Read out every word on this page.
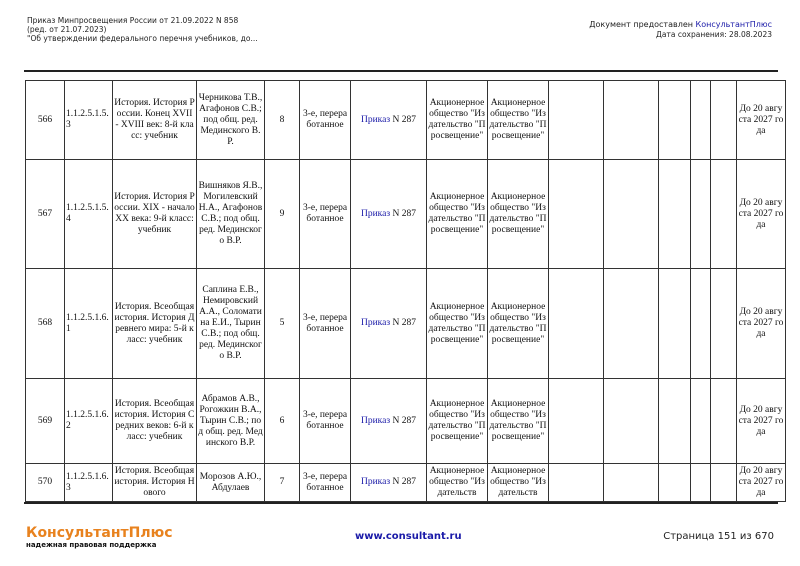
Приказ Минпросвещения России от 21.09.2022 N 858
(ред. от 21.07.2023)
"Об утверждении федерального перечня учебников, до...
Документ предоставлен КонсультантПлюс
Дата сохранения: 28.08.2023
566	1.1.2.5.1.5.3	История. История России. Конец XVII - XVIII век: 8-й класс: учебник	Черникова Т.В., Агафонов С.В.; под общ. ред. Мединского В.Р.	8	3-е, переработанное	Приказ N 287	Акционерное общество "Издательство "Просвещение"	Акционерное общество "Издательство "Просвещение"						До 20 августа 2027 года
567	1.1.2.5.1.5.4	История. История России. XIX - начало XX века: 9-й класс: учебник	Вишняков Я.В., Могилевский Н.А., Агафонов С.В.; под общ. ред. Мединского В.Р.	9	3-е, переработанное	Приказ N 287	Акционерное общество "Издательство "Просвещение"	Акционерное общество "Издательство "Просвещение"						До 20 августа 2027 года
568	1.1.2.5.1.6.1	История. Всеобщая история. История Древнего мира: 5-й класс: учебник	Саплина Е.В., Немировский А.А., Соломатина Е.И., Тырин С.В.; под общ. ред. Мединского В.Р.	5	3-е, переработанное	Приказ N 287	Акционерное общество "Издательство "Просвещение"	Акционерное общество "Издательство "Просвещение"						До 20 августа 2027 года
569	1.1.2.5.1.6.2	История. Всеобщая история. История Средних веков: 6-й класс: учебник	Абрамов А.В., Рогожкин В.А., Тырин С.В.; под общ. ред. Мединского В.Р.	6	3-е, переработанное	Приказ N 287	Акционерное общество "Издательство "Просвещение"	Акционерное общество "Издательство "Просвещение"						До 20 августа 2027 года
570	1.1.2.5.1.6.3	История. Всеобщая история. История Нового	Морозов А.Ю., Абдулаев	7	3-е, переработанное	Приказ N 287	Акционерное общество "Издательств	Акционерное общество "Издательств						До 20 августа 2027 года
КонсультантПлюс
надежная правовая поддержка
www.consultant.ru	Страница 151 из 670
